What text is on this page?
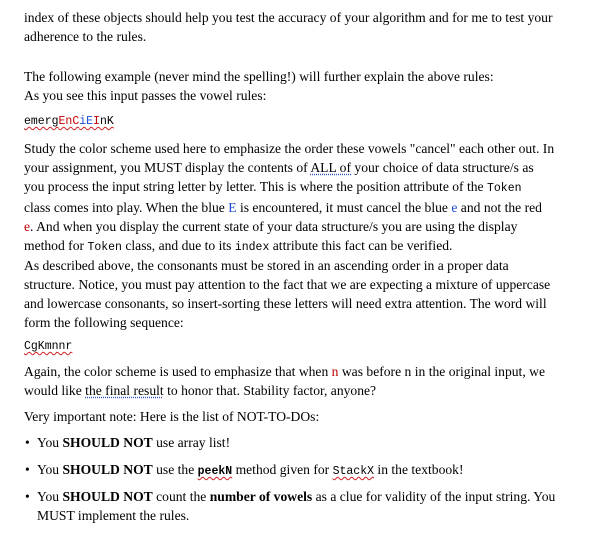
index of these objects should help you test the accuracy of your algorithm and for me to test your
adherence to the rules.

The following example (never mind the spelling!) will further explain the above rules:
As you see this input passes the vowel rules:

emergEnCiEInK

Study the color scheme used here to emphasize the order these vowels "cancel" each other out. In
your assignment, you MUST display the contents of ALL of your choice of data structure/s as
you process the input string letter by letter. This is where the position attribute of the Token
class comes into play. When the blue E is encountered, it must cancel the blue e and not the red
e. And when you display the current state of your data structure/s you are using the display
method for Token class, and due to its index attribute this fact can be verified.

As described above, the consonants must be stored in an ascending order in a proper data
structure. Notice, you must pay attention to the fact that we are expecting a mixture of uppercase
and lowercase consonants, so insert-sorting these letters will need extra attention. The word will
form the following sequence:

CgKmnnr

Again, the color scheme is used to emphasize that when n was before n in the original input, we
would like the final result to honor that. Stability factor, anyone?

Very important note: Here is the list of NOT-TO-DOs:

• You SHOULD NOT use array list!
• You SHOULD NOT use the peekN method given for StackX in the textbook!
• You SHOULD NOT count the number of vowels as a clue for validity of the input string. You
MUST implement the rules.
